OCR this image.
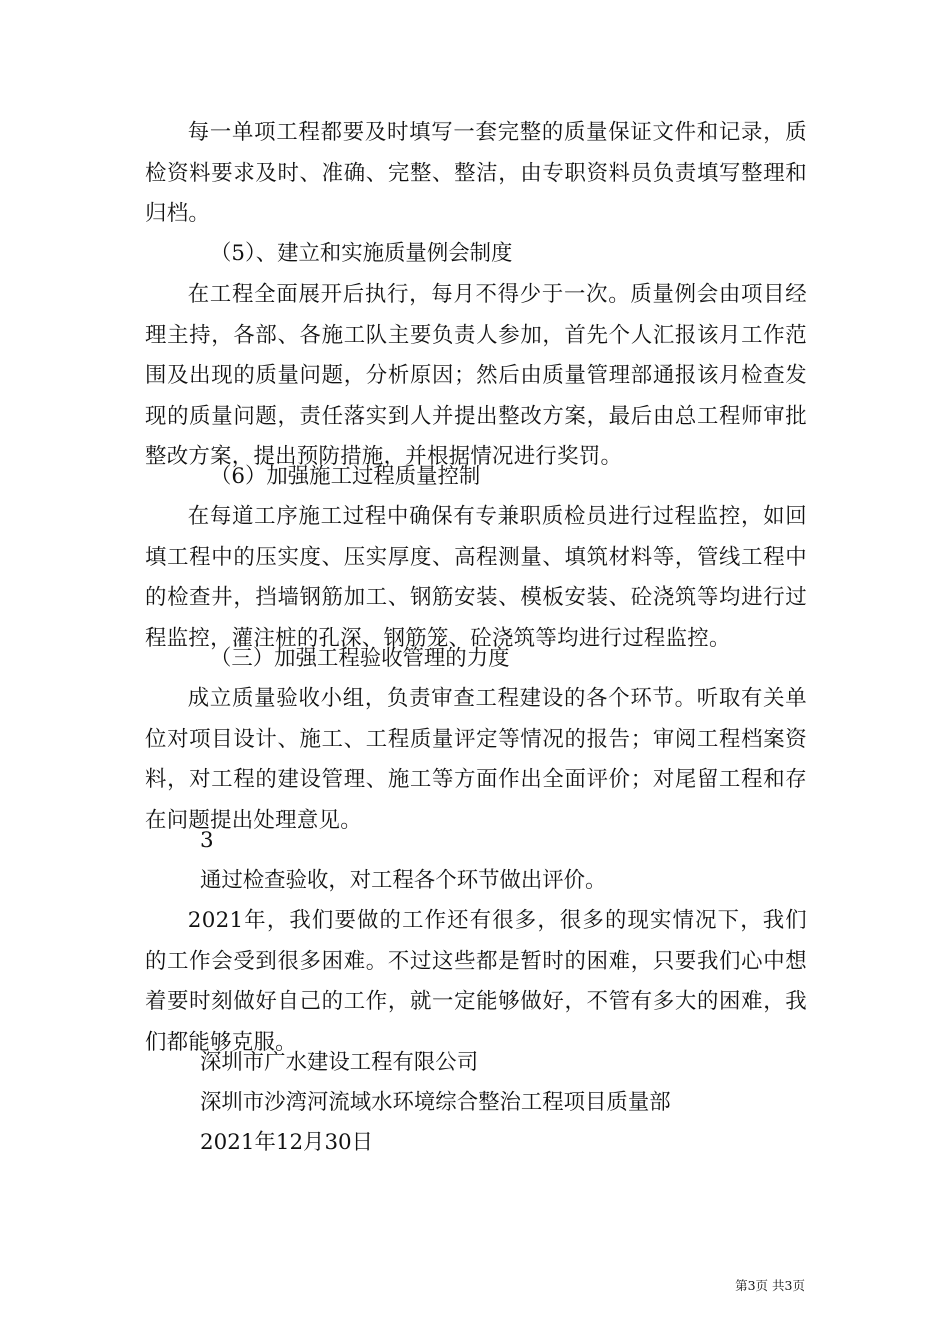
每一单项工程都要及时填写一套完整的质量保证文件和记录，质检资料要求及时、准确、完整、整洁，由专职资料员负责填写整理和归档。

（5）、建立和实施质量例会制度

在工程全面展开后执行，每月不得少于一次。质量例会由项目经理主持，各部、各施工队主要负责人参加，首先个人汇报该月工作范围及出现的质量问题，分析原因；然后由质量管理部通报该月检查发现的质量问题，责任落实到人并提出整改方案，最后由总工程师审批整改方案，提出预防措施，并根据情况进行奖罚。

（6）加强施工过程质量控制

在每道工序施工过程中确保有专兼职质检员进行过程监控，如回填工程中的压实度、压实厚度、高程测量、填筑材料等，管线工程中的检查井，挡墙钢筋加工、钢筋安装、模板安装、砼浇筑等均进行过程监控，灌注桩的孔深、钢筋笼、砼浇筑等均进行过程监控。

（三）加强工程验收管理的力度

成立质量验收小组，负责审查工程建设的各个环节。听取有关单位对项目设计、施工、工程质量评定等情况的报告；审阅工程档案资料，对工程的建设管理、施工等方面作出全面评价；对尾留工程和存在问题提出处理意见。

3

通过检查验收，对工程各个环节做出评价。

2021年，我们要做的工作还有很多，很多的现实情况下，我们的工作会受到很多困难。不过这些都是暂时的困难，只要我们心中想着要时刻做好自己的工作，就一定能够做好，不管有多大的困难，我们都能够克服。

深圳市广水建设工程有限公司

深圳市沙湾河流域水环境综合整治工程项目质量部

2021年12月30日

第3页 共3页
